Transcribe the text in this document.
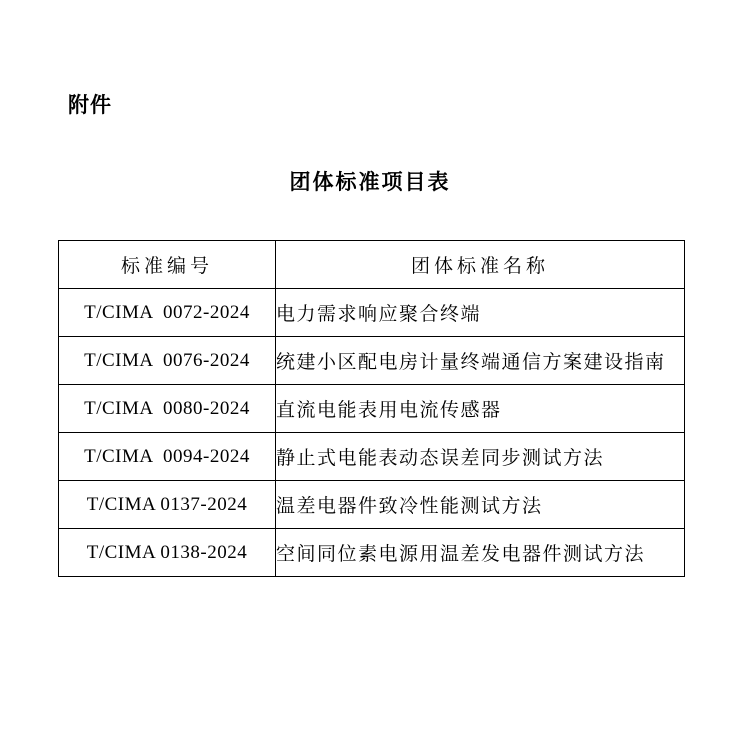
附件
团体标准项目表
标准编号	团体标准名称
T/CIMA  0072-2024	电力需求响应聚合终端
T/CIMA  0076-2024	统建小区配电房计量终端通信方案建设指南
T/CIMA  0080-2024	直流电能表用电流传感器
T/CIMA  0094-2024	静止式电能表动态误差同步测试方法
T/CIMA 0137-2024	温差电器件致冷性能测试方法
T/CIMA 0138-2024	空间同位素电源用温差发电器件测试方法
